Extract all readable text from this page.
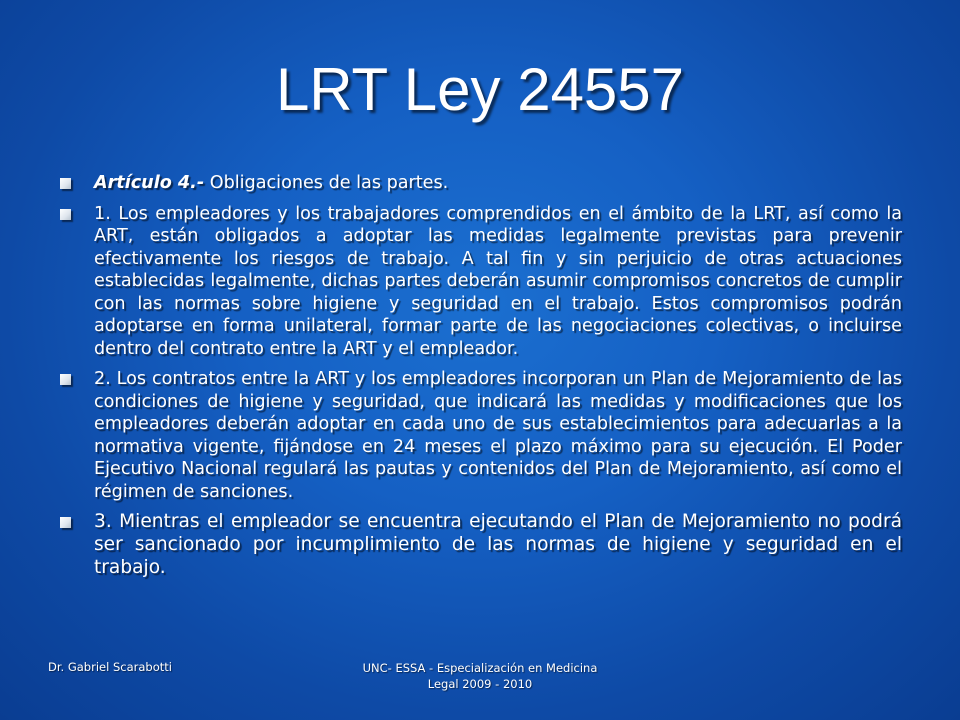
LRT Ley 24557
Artículo 4.- Obligaciones de las partes.
1. Los empleadores y los trabajadores comprendidos en el ámbito de la LRT, así como la ART, están obligados a adoptar las medidas legalmente previstas para prevenir efectivamente los riesgos de trabajo. A tal fin y sin perjuicio de otras actuaciones establecidas legalmente, dichas partes deberán asumir compromisos concretos de cumplir con las normas sobre higiene y seguridad en el trabajo. Estos compromisos podrán adoptarse en forma unilateral, formar parte de las negociaciones colectivas, o incluirse dentro del contrato entre la ART y el empleador.
2. Los contratos entre la ART y los empleadores incorporan un Plan de Mejoramiento de las condiciones de higiene y seguridad, que indicará las medidas y modificaciones que los empleadores deberán adoptar en cada uno de sus establecimientos para adecuarlas a la normativa vigente, fijándose en 24 meses el plazo máximo para su ejecución. El Poder Ejecutivo Nacional regulará las pautas y contenidos del Plan de Mejoramiento, así como el régimen de sanciones.
3. Mientras el empleador se encuentra ejecutando el Plan de Mejoramiento no podrá ser sancionado por incumplimiento de las normas de higiene y seguridad en el trabajo.
Dr. Gabriel Scarabotti	UNC- ESSA - Especialización en Medicina
Legal 2009 - 2010
